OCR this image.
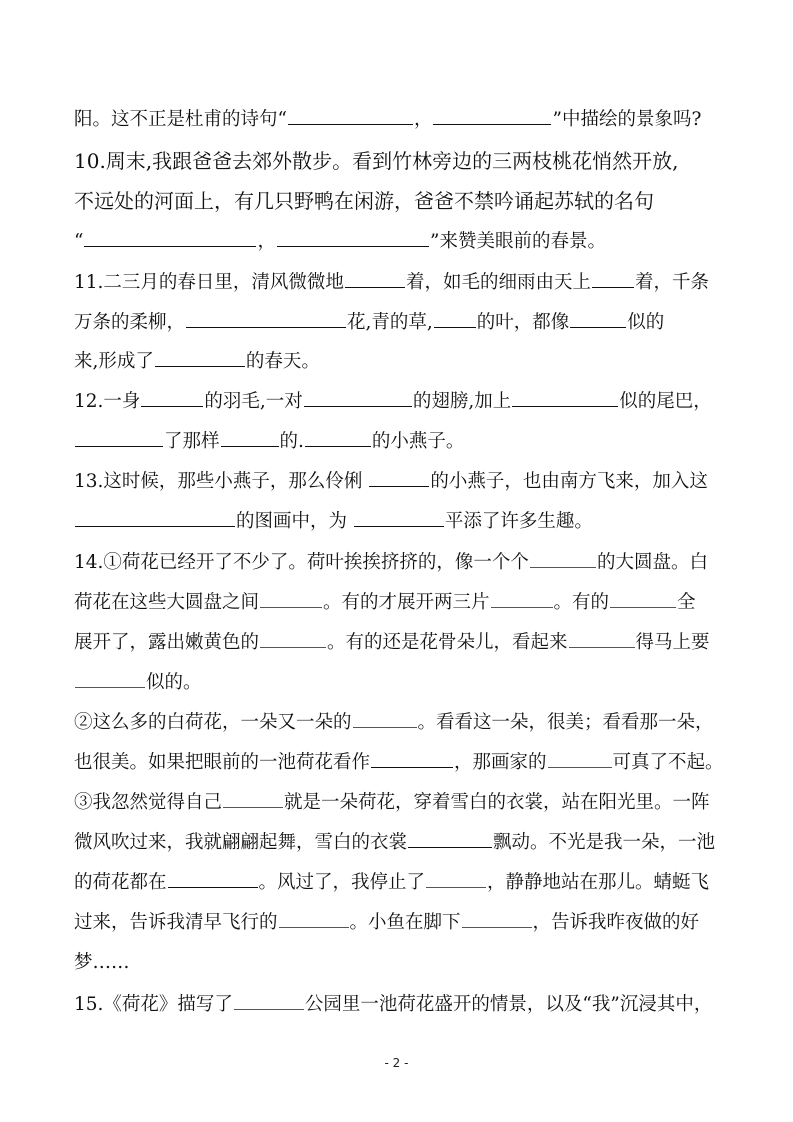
阳。这不正是杜甫的诗句“	，	”中描绘的景象吗?
10.周末,我跟爸爸去郊外散步。看到竹林旁边的三两枝桃花悄然开放,
不远处的河面上，有几只野鸭在闲游，爸爸不禁吟诵起苏轼的名句
“	，	”来赞美眼前的春景。
11.二三月的春日里，清风微微地	着，如毛的细雨由天上 着，千条
万条的柔柳，	花,青的草, 的叶，都像	似的
来,形成了	的春天。
12.一身	的羽毛,一对	的翅膀,加上	似的尾巴，
了那样	的.	的小燕子。
13.这时候，那些小燕子，那么伶俐	的小燕子，也由南方飞来，加入这
的图画中，为	平添了许多生趣。
14.①荷花已经开了不少了。荷叶挨挨挤挤的，像一个个	的大圆盘。白
荷花在这些大圆盘之间	。有的才展开两三片	。有的	全
展开了，露出嫩黄色的	。有的还是花骨朵儿，看起来	得马上要
似的。
②这么多的白荷花，一朵又一朵的	。看看这一朵，很美；看看那一朵，
也很美。如果把眼前的一池荷花看作	，那画家的	可真了不起。
③我忽然觉得自己	就是一朵荷花，穿着雪白的衣裳，站在阳光里。一阵
微风吹过来，我就翩翩起舞，雪白的衣裳	飘动。不光是我一朵，一池
的荷花都在	。风过了，我停止了	，静静地站在那儿。蜻蜓飞
过来，告诉我清早飞行的	。小鱼在脚下	，告诉我昨夜做的好
梦……
15.《荷花》描写了	公园里一池荷花盛开的情景，以及“我”沉浸其中，
- 2 -
